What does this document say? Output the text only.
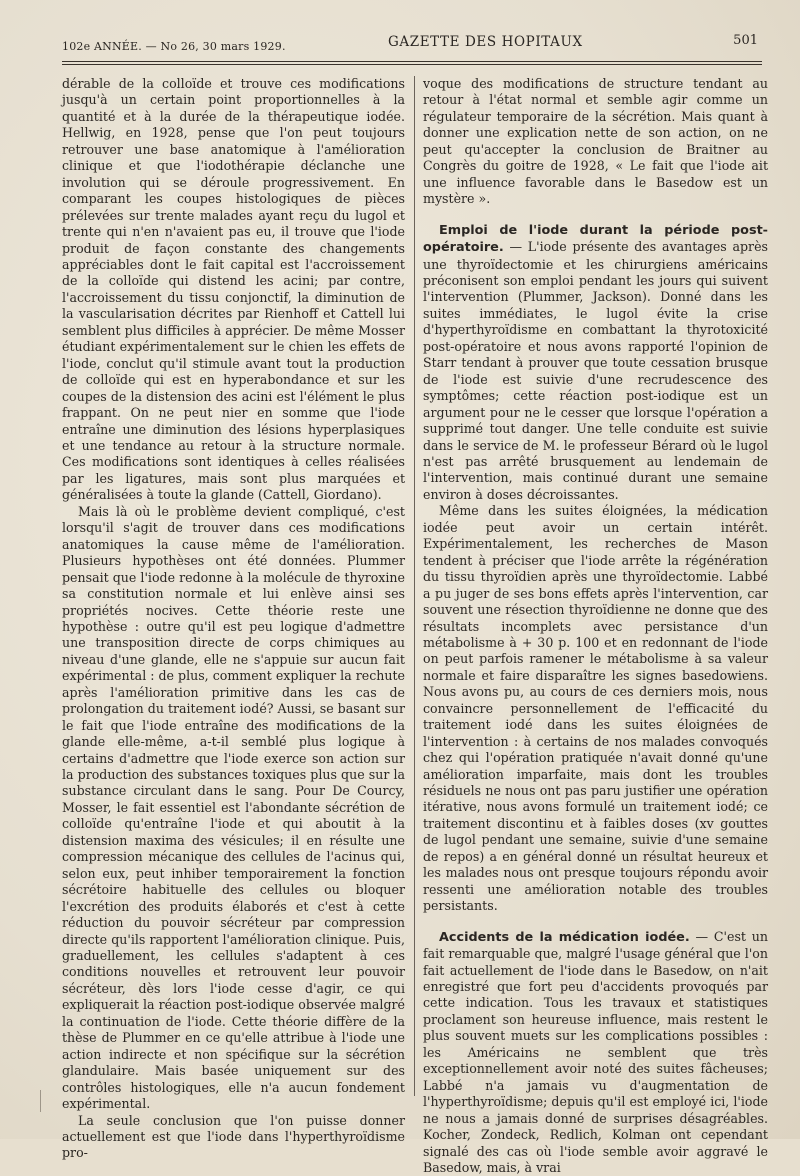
102e ANNÉE. — No 26, 30 mars 1929.	GAZETTE DES HOPITAUX	501

dérable de la colloïde et trouve ces modifications jusqu'à un certain point proportionnelles à la quantité et à la durée de la thérapeutique iodée. Hellwig, en 1928, pense que l'on peut toujours retrouver une base anatomique à l'amélioration clinique et que l'iodothérapie déclanche une involution qui se déroule progressivement. En comparant les coupes histologiques de pièces prélevées sur trente malades ayant reçu du lugol et trente qui n'en n'avaient pas eu, il trouve que l'iode produit de façon constante des changements appréciables dont le fait capital est l'accroissement de la colloïde qui distend les acini; par contre, l'accroissement du tissu conjonctif, la diminution de la vascularisation décrites par Rienhoff et Cattell lui semblent plus difficiles à apprécier. De même Mosser étudiant expérimentalement sur le chien les effets de l'iode, conclut qu'il stimule avant tout la production de colloïde qui est en hyperabondance et sur les coupes de la distension des acini est l'élément le plus frappant. On ne peut nier en somme que l'iode entraîne une diminution des lésions hyperplasiques et une tendance au retour à la structure normale. Ces modifications sont identiques à celles réalisées par les ligatures, mais sont plus marquées et généralisées à toute la glande (Cattell, Giordano).

Mais là où le problème devient compliqué, c'est lorsqu'il s'agit de trouver dans ces modifications anatomiques la cause même de l'amélioration. Plusieurs hypothèses ont été données. Plummer pensait que l'iode redonne à la molécule de thyroxine sa constitution normale et lui enlève ainsi ses propriétés nocives. Cette théorie reste une hypothèse : outre qu'il est peu logique d'admettre une transposition directe de corps chimiques au niveau d'une glande, elle ne s'appuie sur aucun fait expérimental : de plus, comment expliquer la rechute après l'amélioration primitive dans les cas de prolongation du traitement iodé? Aussi, se basant sur le fait que l'iode entraîne des modifications de la glande elle-même, a-t-il semblé plus logique à certains d'admettre que l'iode exerce son action sur la production des substances toxiques plus que sur la substance circulant dans le sang. Pour De Courcy, Mosser, le fait essentiel est l'abondante sécrétion de colloïde qu'entraîne l'iode et qui aboutit à la distension maxima des vésicules; il en résulte une compression mécanique des cellules de l'acinus qui, selon eux, peut inhiber temporairement la fonction sécrétoire habituelle des cellules ou bloquer l'excrétion des produits élaborés et c'est à cette réduction du pouvoir sécréteur par compression directe qu'ils rapportent l'amélioration clinique. Puis, graduellement, les cellules s'adaptent à ces conditions nouvelles et retrouvent leur pouvoir sécréteur, dès lors l'iode cesse d'agir, ce qui expliquerait la réaction post-iodique observée malgré la continuation de l'iode. Cette théorie diffère de la thèse de Plummer en ce qu'elle attribue à l'iode une action indirecte et non spécifique sur la sécrétion glandulaire. Mais basée uniquement sur des contrôles histologiques, elle n'a aucun fondement expérimental.

La seule conclusion que l'on puisse donner actuellement est que l'iode dans l'hyperthyroïdisme pro-

voque des modifications de structure tendant au retour à l'état normal et semble agir comme un régulateur temporaire de la sécrétion. Mais quant à donner une explication nette de son action, on ne peut qu'accepter la conclusion de Braitner au Congrès du goitre de 1928, « Le fait que l'iode ait une influence favorable dans le Basedow est un mystère ».

Emploi de l'iode durant la période post-opératoire. — L'iode présente des avantages après une thyroïdectomie et les chirurgiens américains préconisent son emploi pendant les jours qui suivent l'intervention (Plummer, Jackson). Donné dans les suites immédiates, le lugol évite la crise d'hyperthyroïdisme en combattant la thyrotoxicité post-opératoire et nous avons rapporté l'opinion de Starr tendant à prouver que toute cessation brusque de l'iode est suivie d'une recrudescence des symptômes; cette réaction post-iodique est un argument pour ne le cesser que lorsque l'opération a supprimé tout danger. Une telle conduite est suivie dans le service de M. le professeur Bérard où le lugol n'est pas arrêté brusquement au lendemain de l'intervention, mais continué durant une semaine environ à doses décroissantes.

Même dans les suites éloignées, la médication iodée peut avoir un certain intérêt. Expérimentalement, les recherches de Mason tendent à préciser que l'iode arrête la régénération du tissu thyroïdien après une thyroïdectomie. Labbé a pu juger de ses bons effets après l'intervention, car souvent une résection thyroïdienne ne donne que des résultats incomplets avec persistance d'un métabolisme à + 30 p. 100 et en redonnant de l'iode on peut parfois ramener le métabolisme à sa valeur normale et faire disparaître les signes basedowiens. Nous avons pu, au cours de ces derniers mois, nous convaincre personnellement de l'efficacité du traitement iodé dans les suites éloignées de l'intervention : à certains de nos malades convoqués chez qui l'opération pratiquée n'avait donné qu'une amélioration imparfaite, mais dont les troubles résiduels ne nous ont pas paru justifier une opération itérative, nous avons formulé un traitement iodé; ce traitement discontinu et à faibles doses (xv gouttes de lugol pendant une semaine, suivie d'une semaine de repos) a en général donné un résultat heureux et les malades nous ont presque toujours répondu avoir ressenti une amélioration notable des troubles persistants.

Accidents de la médication iodée. — C'est un fait remarquable que, malgré l'usage général que l'on fait actuellement de l'iode dans le Basedow, on n'ait enregistré que fort peu d'accidents provoqués par cette indication. Tous les travaux et statistiques proclament son heureuse influence, mais restent le plus souvent muets sur les complications possibles : les Américains ne semblent que très exceptionnellement avoir noté des suites fâcheuses; Labbé n'a jamais vu d'augmentation de l'hyperthyroïdisme; depuis qu'il est employé ici, l'iode ne nous a jamais donné de surprises désagréables. Kocher, Zondeck, Redlich, Kolman ont cependant signalé des cas où l'iode semble avoir aggravé le Basedow, mais, à vrai
